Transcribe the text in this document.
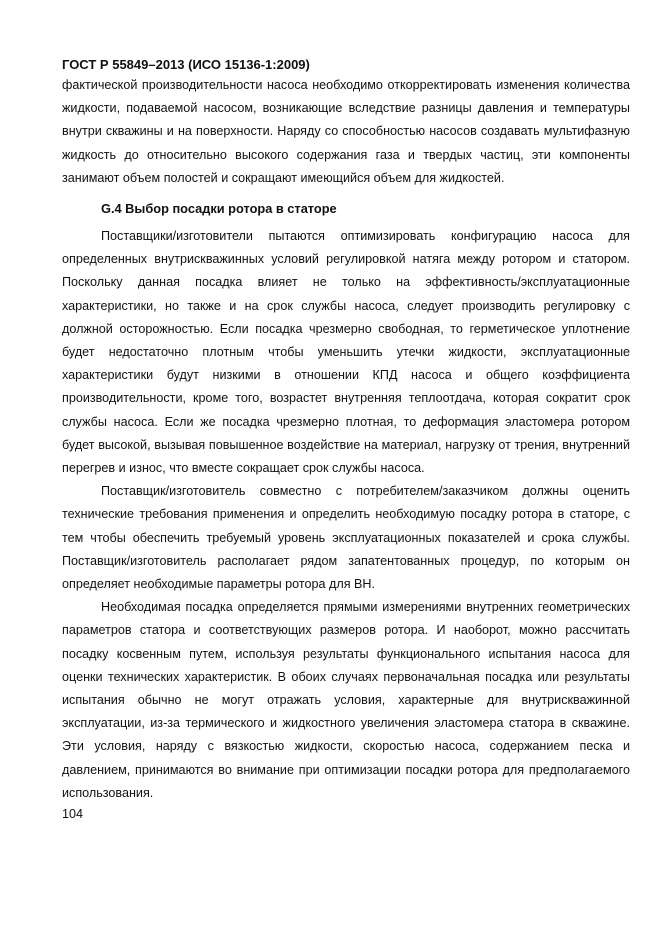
ГОСТ Р 55849–2013 (ИСО 15136-1:2009)

фактической производительности насоса необходимо откорректировать изменения количества жидкости, подаваемой насосом, возникающие вследствие разницы давления и температуры внутри скважины и на поверхности. Наряду со способностью насосов создавать мультифазную жидкость до относительно высокого содержания газа и твердых частиц, эти компоненты занимают объем полостей и сокращают имеющийся объем для жидкостей.

G.4 Выбор посадки ротора в статоре

Поставщики/изготовители пытаются оптимизировать конфигурацию насоса для определенных внутрискважинных условий регулировкой натяга между ротором и статором. Поскольку данная посадка влияет не только на эффективность/эксплуатационные характеристики, но также и на срок службы насоса, следует производить регулировку с должной осторожностью. Если посадка чрезмерно свободная, то герметическое уплотнение будет недостаточно плотным чтобы уменьшить утечки жидкости, эксплуатационные характеристики будут низкими в отношении КПД насоса и общего коэффициента производительности, кроме того, возрастет внутренняя теплоотдача, которая сократит срок службы насоса. Если же посадка чрезмерно плотная, то деформация эластомера ротором будет высокой, вызывая повышенное воздействие на материал, нагрузку от трения, внутренний перегрев и износ, что вместе сокращает срок службы насоса.

Поставщик/изготовитель совместно с потребителем/заказчиком должны оценить технические требования применения и определить необходимую посадку ротора в статоре, с тем чтобы обеспечить требуемый уровень эксплуатационных показателей и срока службы. Поставщик/изготовитель располагает рядом запатентованных процедур, по которым он определяет необходимые параметры ротора для ВН.

Необходимая посадка определяется прямыми измерениями внутренних геометрических параметров статора и соответствующих размеров ротора. И наоборот, можно рассчитать посадку косвенным путем, используя результаты функционального испытания насоса для оценки технических характеристик. В обоих случаях первоначальная посадка или результаты испытания обычно не могут отражать условия, характерные для внутрискважинной эксплуатации, из-за термического и жидкостного увеличения эластомера статора в скважине. Эти условия, наряду с вязкостью жидкости, скоростью насоса, содержанием песка и давлением, принимаются во внимание при оптимизации посадки ротора для предполагаемого использования.

104
